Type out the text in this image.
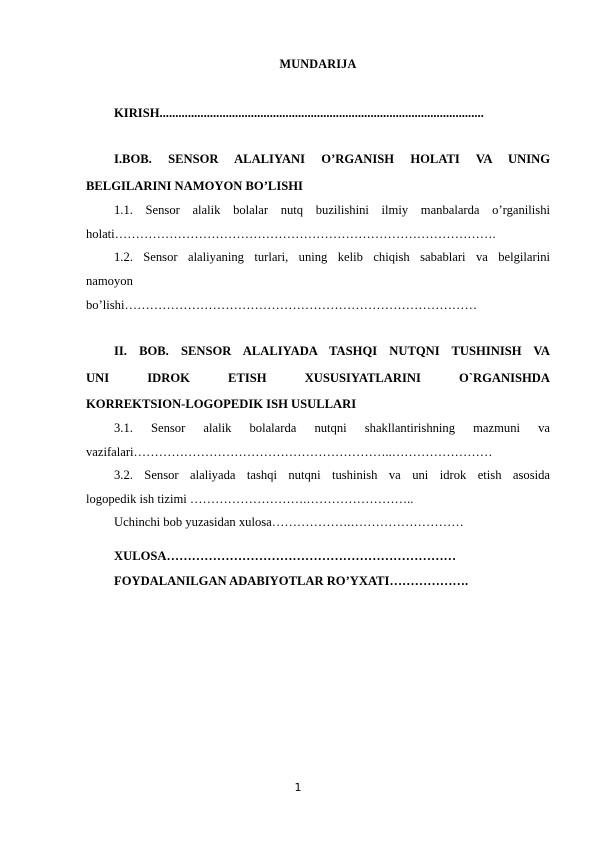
MUNDARIJA
KIRISH.......................................................................................................
I.BOB. SENSOR ALALIYANI O’RGANISH HOLATI VA UNING
BELGILARINI NAMOYON BO’LISHI
1.1. Sensor alalik bolalar nutq buzilishini ilmiy manbalarda o’rganilishi
holati……………………………………………………………………………….
1.2. Sensor alaliyaning turlari, uning kelib chiqish sabablari va belgilarini
namoyon
bo’lishi…………………………………………………………………………
II. BOB. SENSOR ALALIYADA TASHQI NUTQNI TUSHINISH VA
UNI IDROK ETISH XUSUSIYATLARINI O`RGANISHDA
KORREKTSION-LOGOPEDIK ISH USULLARI
3.1. Sensor alalik bolalarda nutqni shakllantirishning mazmuni va
vazifalari……………………………………………………..……………………
3.2. Sensor alaliyada tashqi nutqni tushinish va uni idrok etish asosida
logopedik ish tizimi ……………………….……………………..
Uchinchi bob yuzasidan xulosa……………….………………………
XULOSA……………………………………………………………
FOYDALANILGAN ADABIYOTLAR RO’YXATI……………….
1
